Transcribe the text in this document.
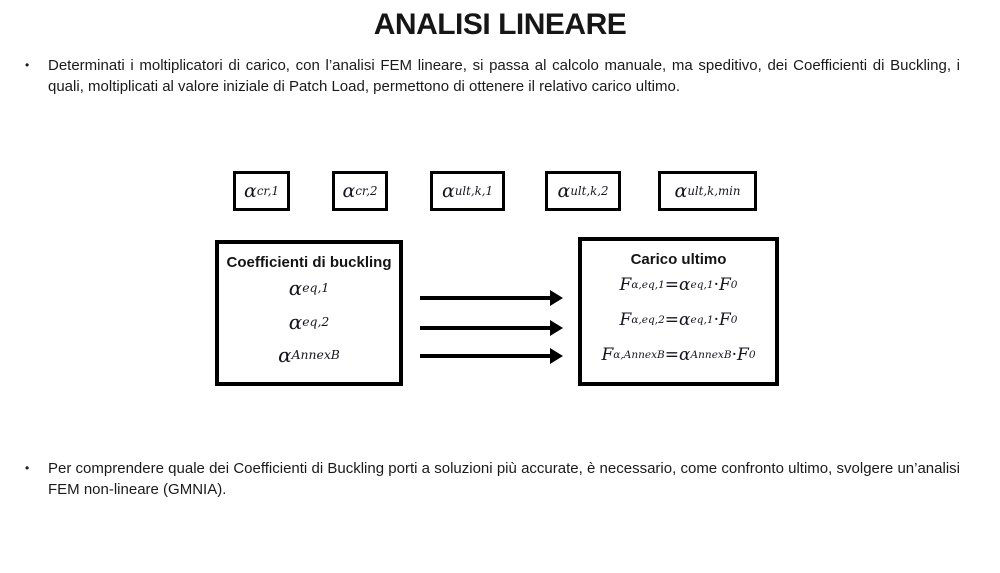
ANALISI LINEARE
•	Determinati i moltiplicatori di carico, con l’analisi FEM lineare, si passa al calcolo manuale, ma speditivo, dei Coefficienti di Buckling, i quali, moltiplicati al valore iniziale di Patch Load, permettono di ottenere il relativo carico ultimo.

α cr,1	α cr,2	α ult,k,1	α ult,k,2	α ult,k,min
Coefficienti di buckling
α eq,1
α eq,2
α AnnexB
Carico ultimo
F α,eq,1 = α eq,1 · F 0
F α,eq,2 = α eq,1 · F 0
F α,AnnexB = α AnnexB · F 0
•	Per comprendere quale dei Coefficienti di Buckling porti a soluzioni più accurate, è necessario, come confronto ultimo, svolgere un’analisi FEM non-lineare (GMNIA).
